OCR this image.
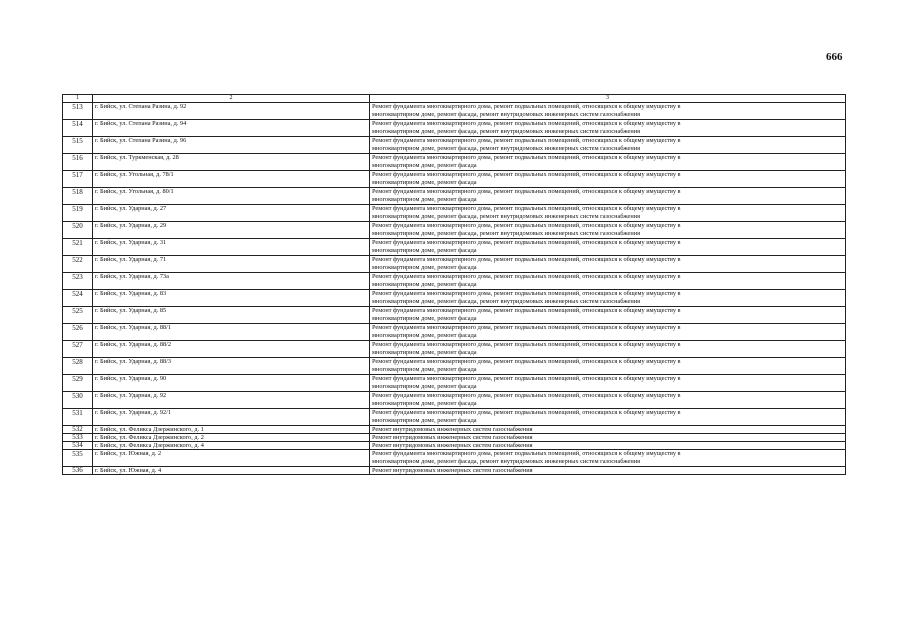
666
1	2	3
513	г. Бийск, ул. Степана Разина, д. 92	Ремонт фундамента многоквартирного дома, ремонт подвальных помещений, относящихся к общему имуществу в
многоквартирном доме, ремонт фасада, ремонт внутридомовых инженерных систем газоснабжения

514	г. Бийск, ул. Степана Разина, д. 94	Ремонт фундамента многоквартирного дома, ремонт подвальных помещений, относящихся к общему имуществу в
многоквартирном доме, ремонт фасада, ремонт внутридомовых инженерных систем газоснабжения

515	г. Бийск, ул. Степана Разина, д. 96	Ремонт фундамента многоквартирного дома, ремонт подвальных помещений, относящихся к общему имуществу в
многоквартирном доме, ремонт фасада, ремонт внутридомовых инженерных систем газоснабжения

516	г. Бийск, ул. Туркменская, д. 28	Ремонт фундамента многоквартирного дома, ремонт подвальных помещений, относящихся к общему имуществу в
многоквартирном доме, ремонт фасада

517	г. Бийск, ул. Угольная, д. 78/1	Ремонт фундамента многоквартирного дома, ремонт подвальных помещений, относящихся к общему имуществу в
многоквартирном доме, ремонт фасада

518	г. Бийск, ул. Угольная, д. 80/1	Ремонт фундамента многоквартирного дома, ремонт подвальных помещений, относящихся к общему имуществу в
многоквартирном доме, ремонт фасада

519	г. Бийск, ул. Ударная, д. 27	Ремонт фундамента многоквартирного дома, ремонт подвальных помещений, относящихся к общему имуществу в
многоквартирном доме, ремонт фасада, ремонт внутридомовых инженерных систем газоснабжения

520	г. Бийск, ул. Ударная, д. 29	Ремонт фундамента многоквартирного дома, ремонт подвальных помещений, относящихся к общему имуществу в
многоквартирном доме, ремонт фасада, ремонт внутридомовых инженерных систем газоснабжения

521	г. Бийск, ул. Ударная, д. 31	Ремонт фундамента многоквартирного дома, ремонт подвальных помещений, относящихся к общему имуществу в
многоквартирном доме, ремонт фасада

522	г. Бийск, ул. Ударная, д. 71	Ремонт фундамента многоквартирного дома, ремонт подвальных помещений, относящихся к общему имуществу в
многоквартирном доме, ремонт фасада

523	г. Бийск, ул. Ударная, д. 73а	Ремонт фундамента многоквартирного дома, ремонт подвальных помещений, относящихся к общему имуществу в
многоквартирном доме, ремонт фасада

524	г. Бийск, ул. Ударная, д. 83	Ремонт фундамента многоквартирного дома, ремонт подвальных помещений, относящихся к общему имуществу в
многоквартирном доме, ремонт фасада, ремонт внутридомовых инженерных систем газоснабжения

525	г. Бийск, ул. Ударная, д. 85	Ремонт фундамента многоквартирного дома, ремонт подвальных помещений, относящихся к общему имуществу в
многоквартирном доме, ремонт фасада

526	г. Бийск, ул. Ударная, д. 88/1	Ремонт фундамента многоквартирного дома, ремонт подвальных помещений, относящихся к общему имуществу в
многоквартирном доме, ремонт фасада

527	г. Бийск, ул. Ударная, д. 88/2	Ремонт фундамента многоквартирного дома, ремонт подвальных помещений, относящихся к общему имуществу в
многоквартирном доме, ремонт фасада

528	г. Бийск, ул. Ударная, д. 88/3	Ремонт фундамента многоквартирного дома, ремонт подвальных помещений, относящихся к общему имуществу в
многоквартирном доме, ремонт фасада

529	г. Бийск, ул. Ударная, д. 90	Ремонт фундамента многоквартирного дома, ремонт подвальных помещений, относящихся к общему имуществу в
многоквартирном доме, ремонт фасада

530	г. Бийск, ул. Ударная, д. 92	Ремонт фундамента многоквартирного дома, ремонт подвальных помещений, относящихся к общему имуществу в
многоквартирном доме, ремонт фасада

531	г. Бийск, ул. Ударная, д. 92/1	Ремонт фундамента многоквартирного дома, ремонт подвальных помещений, относящихся к общему имуществу в
многоквартирном доме, ремонт фасада

532	г. Бийск, ул. Феликса Дзержинского, д. 1	Ремонт внутридомовых инженерных систем газоснабжения

533	г. Бийск, ул. Феликса Дзержинского, д. 2	Ремонт внутридомовых инженерных систем газоснабжения

534	г. Бийск, ул. Феликса Дзержинского, д. 4	Ремонт внутридомовых инженерных систем газоснабжения

535	г. Бийск, ул. Южная, д. 2	Ремонт фундамента многоквартирного дома, ремонт подвальных помещений, относящихся к общему имуществу в
многоквартирном доме, ремонт фасада, ремонт внутридомовых инженерных систем газоснабжения

536	г. Бийск, ул. Южная, д. 4	Ремонт внутридомовых инженерных систем газоснабжения
